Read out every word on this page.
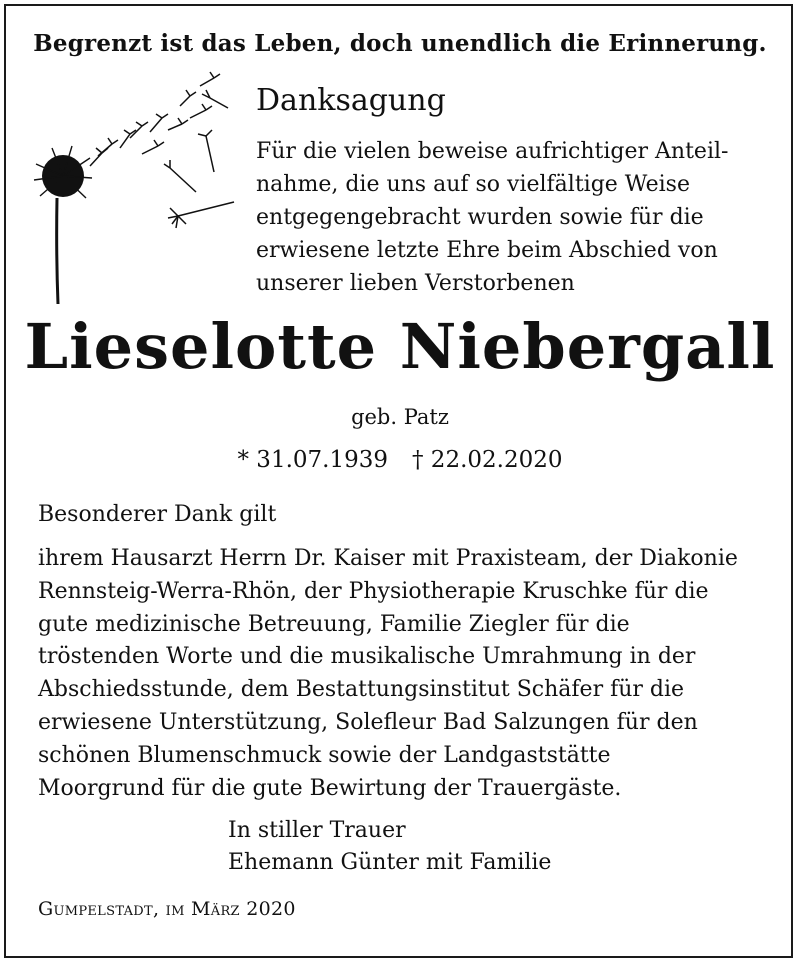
Begrenzt ist das Leben, doch unendlich die Erinnerung.
Danksagung

Für die vielen beweise aufrichtiger Anteil-
nahme, die uns auf so vielfältige Weise
entgegengebracht wurden sowie für die
erwiesene letzte Ehre beim Abschied von
unserer lieben Verstorbenen

Lieselotte Niebergall
geb. Patz
* 31.07.1939 † 22.02.2020
Besonderer Dank gilt

ihrem Hausarzt Herrn Dr. Kaiser mit Praxisteam, der Diakonie
Rennsteig-Werra-Rhön, der Physiotherapie Kruschke für die
gute medizinische Betreuung, Familie Ziegler für die
tröstenden Worte und die musikalische Umrahmung in der
Abschiedsstunde, dem Bestattungsinstitut Schäfer für die
erwiesene Unterstützung, Solefleur Bad Salzungen für den
schönen Blumenschmuck sowie der Landgaststätte
Moorgrund für die gute Bewirtung der Trauergäste.

In stiller Trauer
Ehemann Günter mit Familie
Gumpelstadt, im März 2020
